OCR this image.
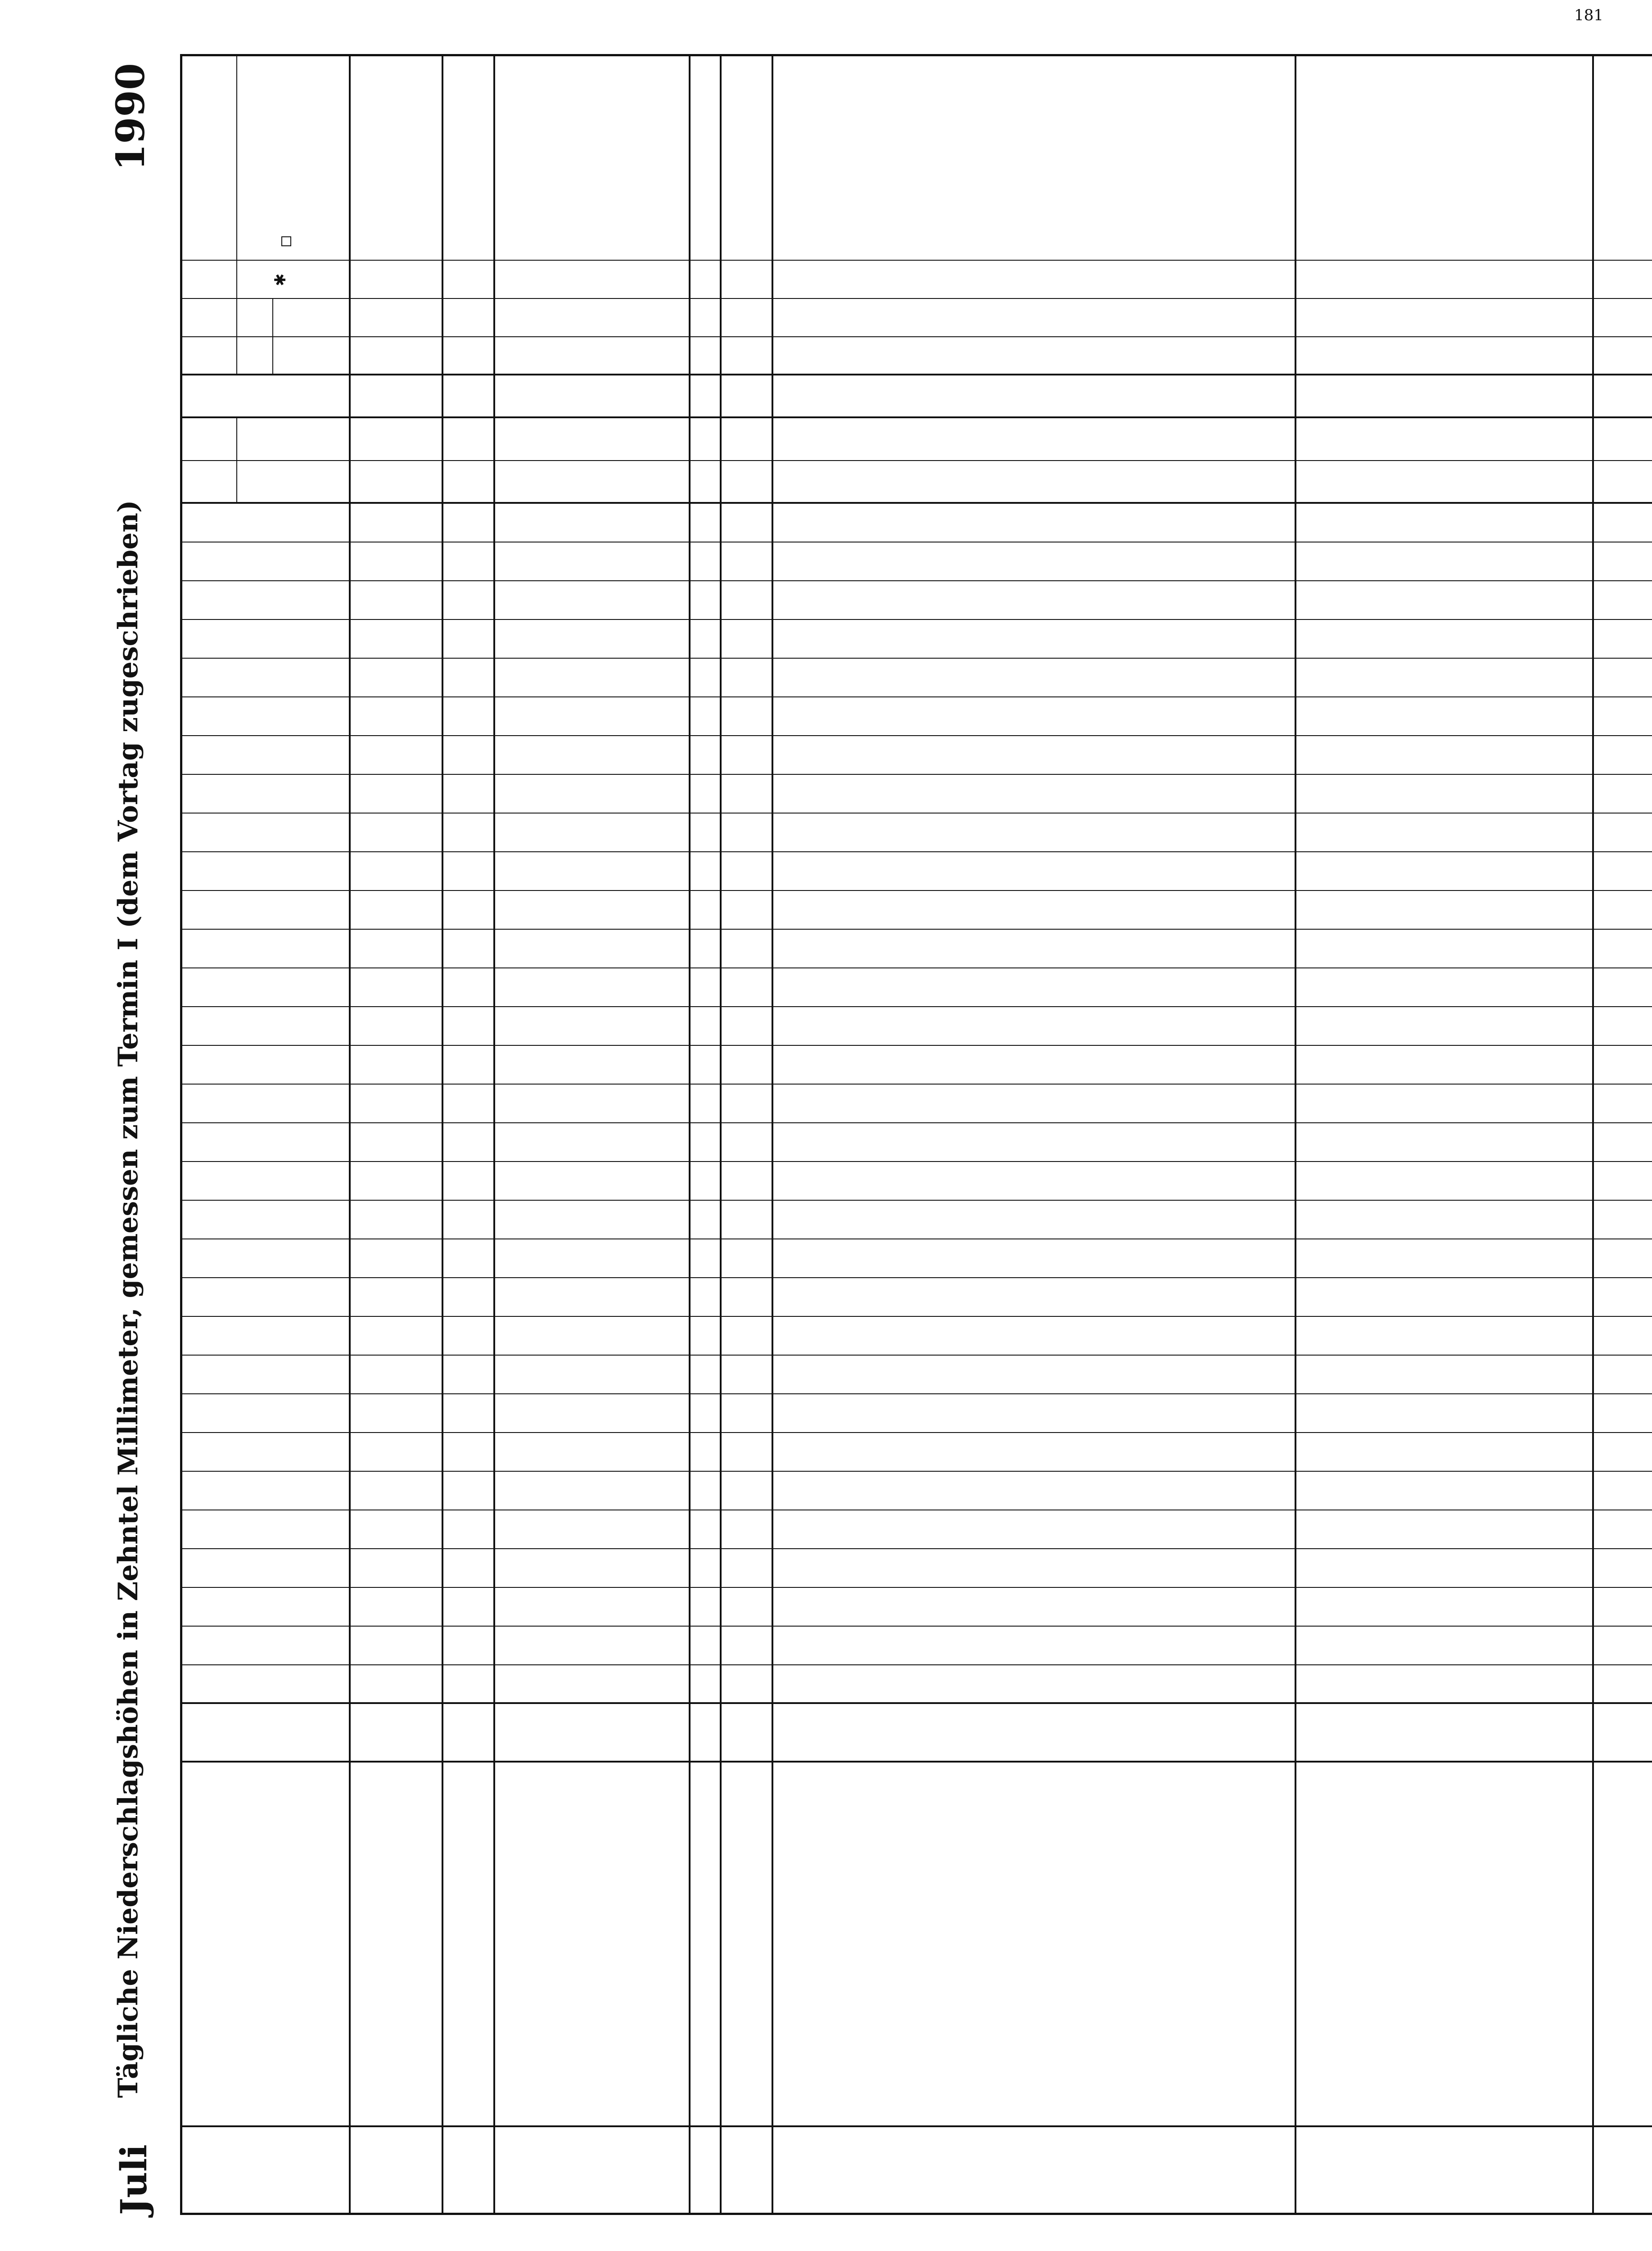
181
Juli
Tägliche Niederschlagshöhen in Zehntel Millimeter, gemessen zum Termin I (dem Vortag zugeschrieben)
1990
✱
